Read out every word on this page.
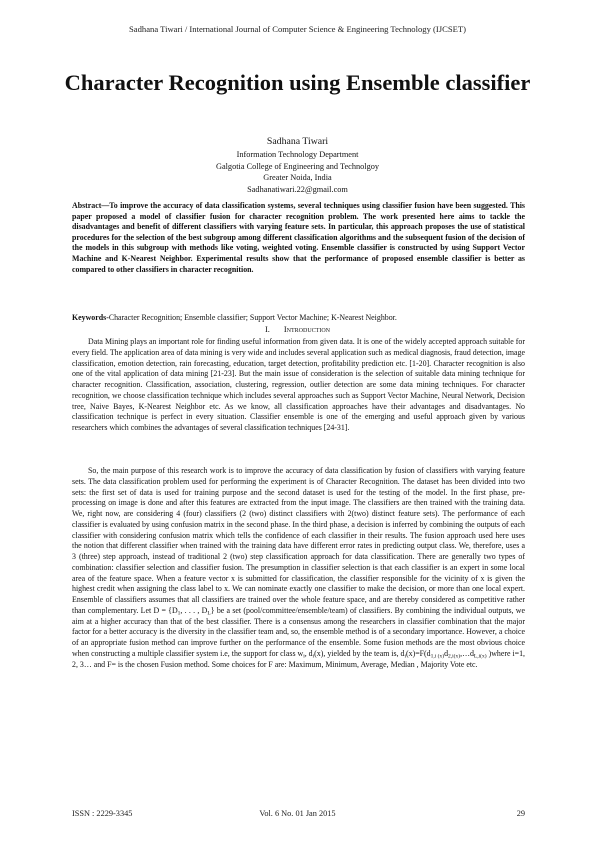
Sadhana Tiwari / International Journal of Computer Science & Engineering Technology (IJCSET)
Character Recognition using Ensemble classifier
Sadhana Tiwari
Information Technology Department
Galgotia College of Engineering and Technolgoy
Greater Noida, India
Sadhanatiwari.22@gmail.com

Abstract—To improve the accuracy of data classification systems, several techniques using classifier fusion have been suggested. This paper proposed a model of classifier fusion for character recognition problem. The work presented here aims to tackle the disadvantages and benefit of different classifiers with varying feature sets. In particular, this approach proposes the use of statistical procedures for the selection of the best subgroup among different classification algorithms and the subsequent fusion of the decision of the models in this subgroup with methods like voting, weighted voting. Ensemble classifier is constructed by using Support Vector Machine and K-Nearest Neighbor. Experimental results show that the performance of proposed ensemble classifier is better as compared to other classifiers in character recognition.

Keywords-Character Recognition; Ensemble classifier; Support Vector Machine; K-Nearest Neighbor.

I. Introduction

Data Mining plays an important role for finding useful information from given data. It is one of the widely accepted approach suitable for every field. The application area of data mining is very wide and includes several application such as medical diagnosis, fraud detection, image classification, emotion detection, rain forecasting, education, target detection, profitability prediction etc. [1-20]. Character recognition is also one of the vital application of data mining [21-23]. But the main issue of consideration is the selection of suitable data mining technique for character recognition. Classification, association, clustering, regression, outlier detection are some data mining techniques. For character recognition, we choose classification technique which includes several approaches such as Support Vector Machine, Neural Network, Decision tree, Naive Bayes, K-Nearest Neighbor etc. As we know, all classification approaches have their advantages and disadvantages. No classification technique is perfect in every situation. Classifier ensemble is one of the emerging and useful approach given by various researchers which combines the advantages of several classification techniques [24-31].

So, the main purpose of this research work is to improve the accuracy of data classification by fusion of classifiers with varying feature sets. The data classification problem used for performing the experiment is of Character Recognition. The dataset has been divided into two sets: the first set of data is used for training purpose and the second dataset is used for the testing of the model. In the first phase, pre-processing on image is done and after this features are extracted from the input image. The classifiers are then trained with the training data. We, right now, are considering 4 (four) classifiers (2 (two) distinct classifiers with 2(two) distinct feature sets). The performance of each classifier is evaluated by using confusion matrix in the second phase. In the third phase, a decision is inferred by combining the outputs of each classifier with considering confusion matrix which tells the confidence of each classifier in their results. The fusion approach used here uses the notion that different classifier when trained with the training data have different error rates in predicting output class. We, therefore, uses a 3 (three) step approach, instead of traditional 2 (two) step classification approach for data classification. There are generally two types of combination: classifier selection and classifier fusion. The presumption in classifier selection is that each classifier is an expert in some local area of the feature space. When a feature vector x is submitted for classification, the classifier responsible for the vicinity of x is given the highest credit when assigning the class label to x. We can nominate exactly one classifier to make the decision, or more than one local expert. Ensemble of classifiers assumes that all classifiers are trained over the whole feature space, and are thereby considered as competitive rather than complementary. Let $D = \{D_1$, . . . , $D_L$} be a set (pool/committee/ensemble/team) of classifiers. By combining the individual outputs, we aim at a higher accuracy than that of the best classifier. There is a consensus among the researchers in classifier combination that the major factor for a better accuracy is the diversity in the classifier team and, so, the ensemble method is of a secondary importance. However, a choice of an appropriate fusion method can improve further on the performance of the ensemble. Some fusion methods are the most obvious choice when constructing a multiple classifier system i.e, the support for class $w_i$, $d_i(x)$, yielded by the team is, $d_i(x)=F(d_{1,i (x)}d_{2,i(x)},\dots d_{L,i(x)}$ )where i=1, 2, 3… and F= is the chosen Fusion method. Some choices for F are: Maximum, Minimum, Average, Median , Majority Vote etc.

ISSN : 2229-3345	Vol. 6 No. 01 Jan 2015	29
